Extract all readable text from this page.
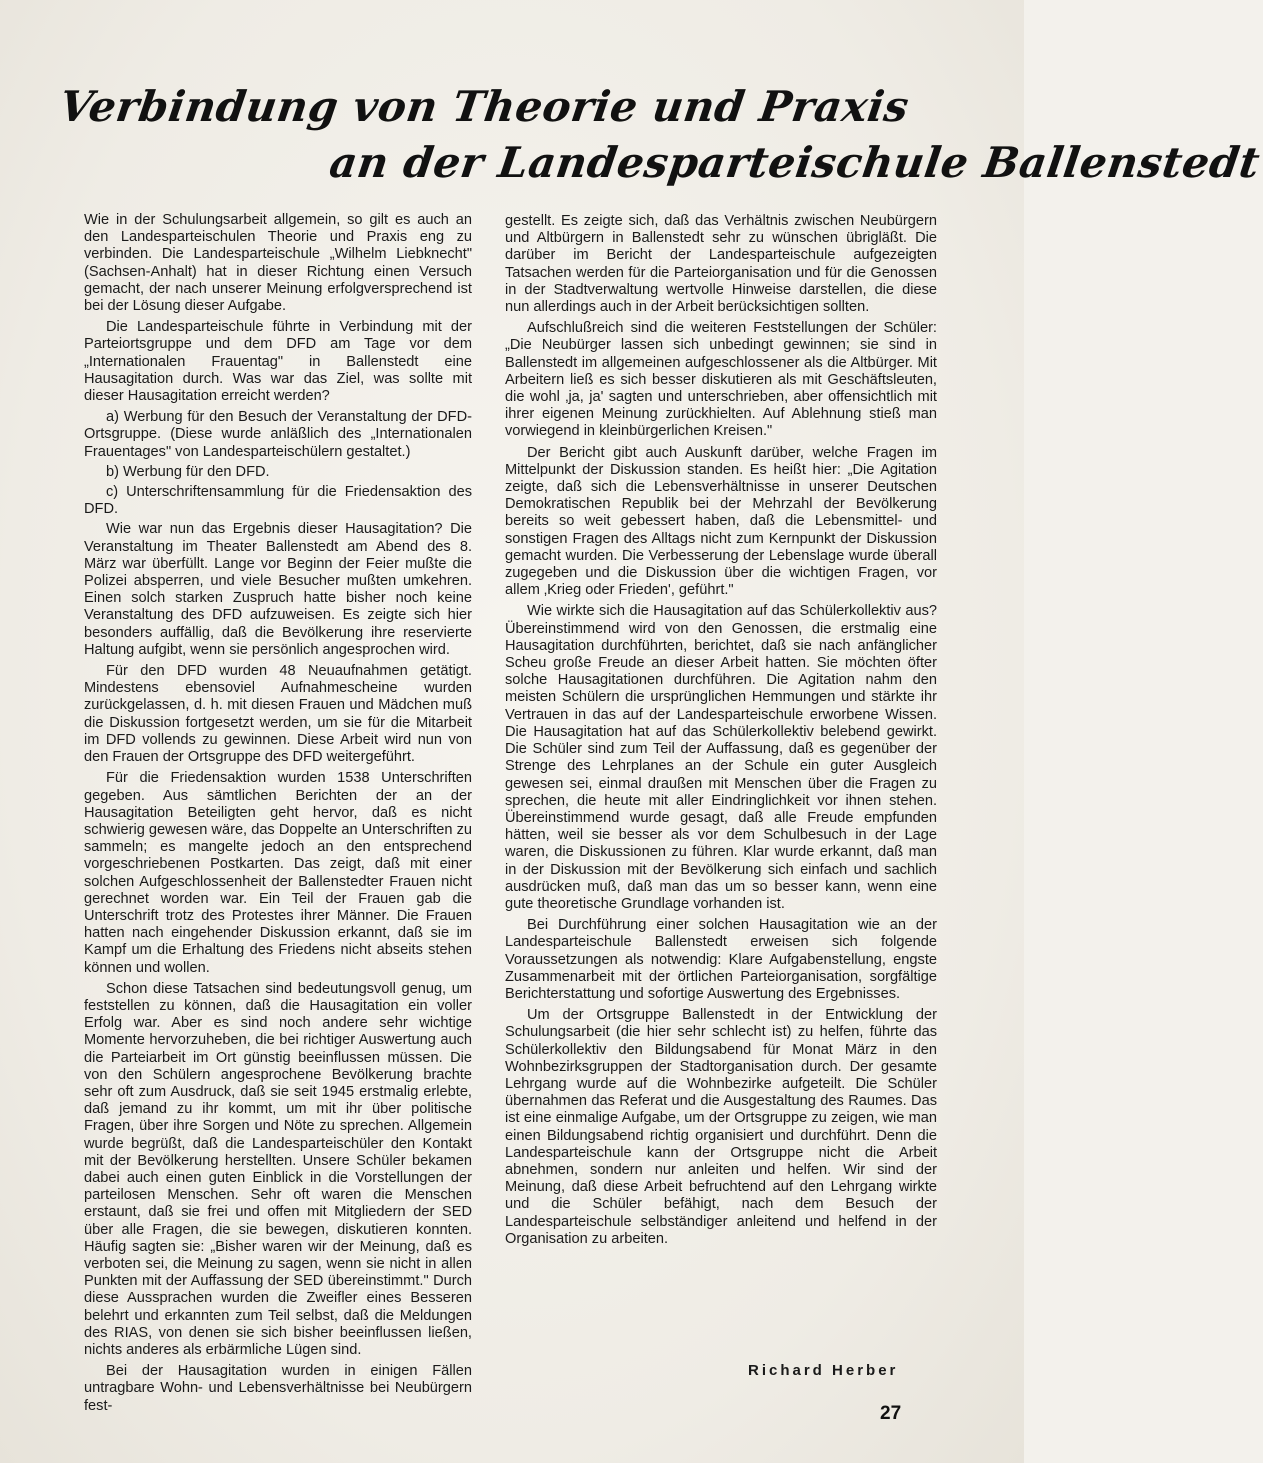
Verbindung von Theorie und Praxis
an der Landesparteischule Ballenstedt

Wie in der Schulungsarbeit allgemein, so gilt es auch an den Landesparteischulen Theorie und Praxis eng zu verbinden. Die Landesparteischule „Wilhelm Liebknecht" (Sachsen-Anhalt) hat in dieser Richtung einen Versuch gemacht, der nach unserer Meinung erfolgversprechend ist bei der Lösung dieser Aufgabe.

Die Landesparteischule führte in Verbindung mit der Parteiortsgruppe und dem DFD am Tage vor dem „Internationalen Frauentag" in Ballenstedt eine Hausagitation durch. Was war das Ziel, was sollte mit dieser Hausagitation erreicht werden?

a) Werbung für den Besuch der Veranstaltung der DFD-Ortsgruppe. (Diese wurde anläßlich des „Internationalen Frauentages" von Landesparteischülern gestaltet.)

b) Werbung für den DFD.

c) Unterschriftensammlung für die Friedensaktion des DFD.

Wie war nun das Ergebnis dieser Hausagitation? Die Veranstaltung im Theater Ballenstedt am Abend des 8. März war überfüllt. Lange vor Beginn der Feier mußte die Polizei absperren, und viele Besucher mußten umkehren. Einen solch starken Zuspruch hatte bisher noch keine Veranstaltung des DFD aufzuweisen. Es zeigte sich hier besonders auffällig, daß die Bevölkerung ihre reservierte Haltung aufgibt, wenn sie persönlich angesprochen wird.

Für den DFD wurden 48 Neuaufnahmen getätigt. Mindestens ebensoviel Aufnahmescheine wurden zurückgelassen, d. h. mit diesen Frauen und Mädchen muß die Diskussion fortgesetzt werden, um sie für die Mitarbeit im DFD vollends zu gewinnen. Diese Arbeit wird nun von den Frauen der Ortsgruppe des DFD weitergeführt.

Für die Friedensaktion wurden 1538 Unterschriften gegeben. Aus sämtlichen Berichten der an der Hausagitation Beteiligten geht hervor, daß es nicht schwierig gewesen wäre, das Doppelte an Unterschriften zu sammeln; es mangelte jedoch an den entsprechend vorgeschriebenen Postkarten. Das zeigt, daß mit einer solchen Aufgeschlossenheit der Ballenstedter Frauen nicht gerechnet worden war. Ein Teil der Frauen gab die Unterschrift trotz des Protestes ihrer Männer. Die Frauen hatten nach eingehender Diskussion erkannt, daß sie im Kampf um die Erhaltung des Friedens nicht abseits stehen können und wollen.

Schon diese Tatsachen sind bedeutungsvoll genug, um feststellen zu können, daß die Hausagitation ein voller Erfolg war. Aber es sind noch andere sehr wichtige Momente hervorzuheben, die bei richtiger Auswertung auch die Parteiarbeit im Ort günstig beeinflussen müssen. Die von den Schülern angesprochene Bevölkerung brachte sehr oft zum Ausdruck, daß sie seit 1945 erstmalig erlebte, daß jemand zu ihr kommt, um mit ihr über politische Fragen, über ihre Sorgen und Nöte zu sprechen. Allgemein wurde begrüßt, daß die Landesparteischüler den Kontakt mit der Bevölkerung herstellten. Unsere Schüler bekamen dabei auch einen guten Einblick in die Vorstellungen der parteilosen Menschen. Sehr oft waren die Menschen erstaunt, daß sie frei und offen mit Mitgliedern der SED über alle Fragen, die sie bewegen, diskutieren konnten. Häufig sagten sie: „Bisher waren wir der Meinung, daß es verboten sei, die Meinung zu sagen, wenn sie nicht in allen Punkten mit der Auffassung der SED übereinstimmt." Durch diese Aussprachen wurden die Zweifler eines Besseren belehrt und erkannten zum Teil selbst, daß die Meldungen des RIAS, von denen sie sich bisher beeinflussen ließen, nichts anderes als erbärmliche Lügen sind.

Bei der Hausagitation wurden in einigen Fällen untragbare Wohn- und Lebensverhältnisse bei Neubürgern fest-

gestellt. Es zeigte sich, daß das Verhältnis zwischen Neubürgern und Altbürgern in Ballenstedt sehr zu wünschen übrigläßt. Die darüber im Bericht der Landesparteischule aufgezeigten Tatsachen werden für die Parteiorganisation und für die Genossen in der Stadtverwaltung wertvolle Hinweise darstellen, die diese nun allerdings auch in der Arbeit berücksichtigen sollten.

Aufschlußreich sind die weiteren Feststellungen der Schüler: „Die Neubürger lassen sich unbedingt gewinnen; sie sind in Ballenstedt im allgemeinen aufgeschlossener als die Altbürger. Mit Arbeitern ließ es sich besser diskutieren als mit Geschäftsleuten, die wohl ‚ja, ja' sagten und unterschrieben, aber offensichtlich mit ihrer eigenen Meinung zurückhielten. Auf Ablehnung stieß man vorwiegend in kleinbürgerlichen Kreisen."

Der Bericht gibt auch Auskunft darüber, welche Fragen im Mittelpunkt der Diskussion standen. Es heißt hier: „Die Agitation zeigte, daß sich die Lebensverhältnisse in unserer Deutschen Demokratischen Republik bei der Mehrzahl der Bevölkerung bereits so weit gebessert haben, daß die Lebensmittel- und sonstigen Fragen des Alltags nicht zum Kernpunkt der Diskussion gemacht wurden. Die Verbesserung der Lebenslage wurde überall zugegeben und die Diskussion über die wichtigen Fragen, vor allem ‚Krieg oder Frieden', geführt."

Wie wirkte sich die Hausagitation auf das Schülerkollektiv aus? Übereinstimmend wird von den Genossen, die erstmalig eine Hausagitation durchführten, berichtet, daß sie nach anfänglicher Scheu große Freude an dieser Arbeit hatten. Sie möchten öfter solche Hausagitationen durchführen. Die Agitation nahm den meisten Schülern die ursprünglichen Hemmungen und stärkte ihr Vertrauen in das auf der Landesparteischule erworbene Wissen. Die Hausagitation hat auf das Schülerkollektiv belebend gewirkt. Die Schüler sind zum Teil der Auffassung, daß es gegenüber der Strenge des Lehrplanes an der Schule ein guter Ausgleich gewesen sei, einmal draußen mit Menschen über die Fragen zu sprechen, die heute mit aller Eindringlichkeit vor ihnen stehen. Übereinstimmend wurde gesagt, daß alle Freude empfunden hätten, weil sie besser als vor dem Schulbesuch in der Lage waren, die Diskussionen zu führen. Klar wurde erkannt, daß man in der Diskussion mit der Bevölkerung sich einfach und sachlich ausdrücken muß, daß man das um so besser kann, wenn eine gute theoretische Grundlage vorhanden ist.

Bei Durchführung einer solchen Hausagitation wie an der Landesparteischule Ballenstedt erweisen sich folgende Voraussetzungen als notwendig: Klare Aufgabenstellung, engste Zusammenarbeit mit der örtlichen Parteiorganisation, sorgfältige Berichterstattung und sofortige Auswertung des Ergebnisses.

Um der Ortsgruppe Ballenstedt in der Entwicklung der Schulungsarbeit (die hier sehr schlecht ist) zu helfen, führte das Schülerkollektiv den Bildungsabend für Monat März in den Wohnbezirksgruppen der Stadtorganisation durch. Der gesamte Lehrgang wurde auf die Wohnbezirke aufgeteilt. Die Schüler übernahmen das Referat und die Ausgestaltung des Raumes. Das ist eine einmalige Aufgabe, um der Ortsgruppe zu zeigen, wie man einen Bildungsabend richtig organisiert und durchführt. Denn die Landesparteischule kann der Ortsgruppe nicht die Arbeit abnehmen, sondern nur anleiten und helfen. Wir sind der Meinung, daß diese Arbeit befruchtend auf den Lehrgang wirkte und die Schüler befähigt, nach dem Besuch der Landesparteischule selbständiger anleitend und helfend in der Organisation zu arbeiten.

Richard Herber
27
